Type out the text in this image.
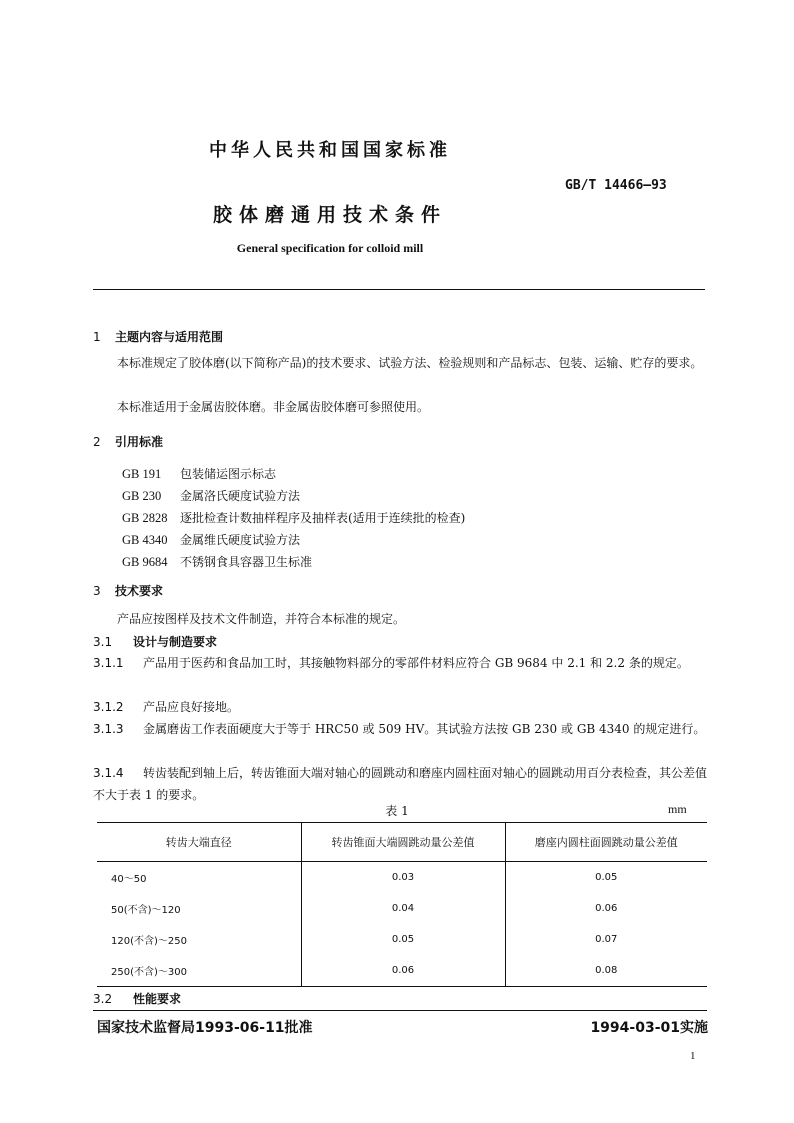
中华人民共和国国家标准
GB/T 14466—93
胶体磨通用技术条件
General specification for colloid mill
1 主题内容与适用范围
本标准规定了胶体磨(以下简称产品)的技术要求、试验方法、检验规则和产品标志、包装、运输、贮存的要求。
本标准适用于金属齿胶体磨。非金属齿胶体磨可参照使用。
2 引用标准
GB 191 包装储运图示标志
GB 230 金属洛氏硬度试验方法
GB 2828 逐批检查计数抽样程序及抽样表(适用于连续批的检查)
GB 4340 金属维氏硬度试验方法
GB 9684 不锈钢食具容器卫生标准
3 技术要求
产品应按图样及技术文件制造，并符合本标准的规定。
3.1 设计与制造要求
3.1.1 产品用于医药和食品加工时，其接触物料部分的零部件材料应符合 GB 9684 中 2.1 和 2.2 条的规定。
3.1.2 产品应良好接地。
3.1.3 金属磨齿工作表面硬度大于等于 HRC50 或 509 HV。其试验方法按 GB 230 或 GB 4340 的规定进行。
3.1.4 转齿装配到轴上后，转齿锥面大端对轴心的圆跳动和磨座内圆柱面对轴心的圆跳动用百分表检查，其公差值不大于表 1 的要求。
表 1	mm
转齿大端直径	转齿锥面大端圆跳动量公差值	磨座内圆柱面圆跳动量公差值
40～50	0.03	0.05
50(不含)～120	0.04	0.06
120(不含)～250	0.05	0.07
250(不含)～300	0.06	0.08
3.2 性能要求
国家技术监督局1993-06-11批准	1994-03-01实施
1
